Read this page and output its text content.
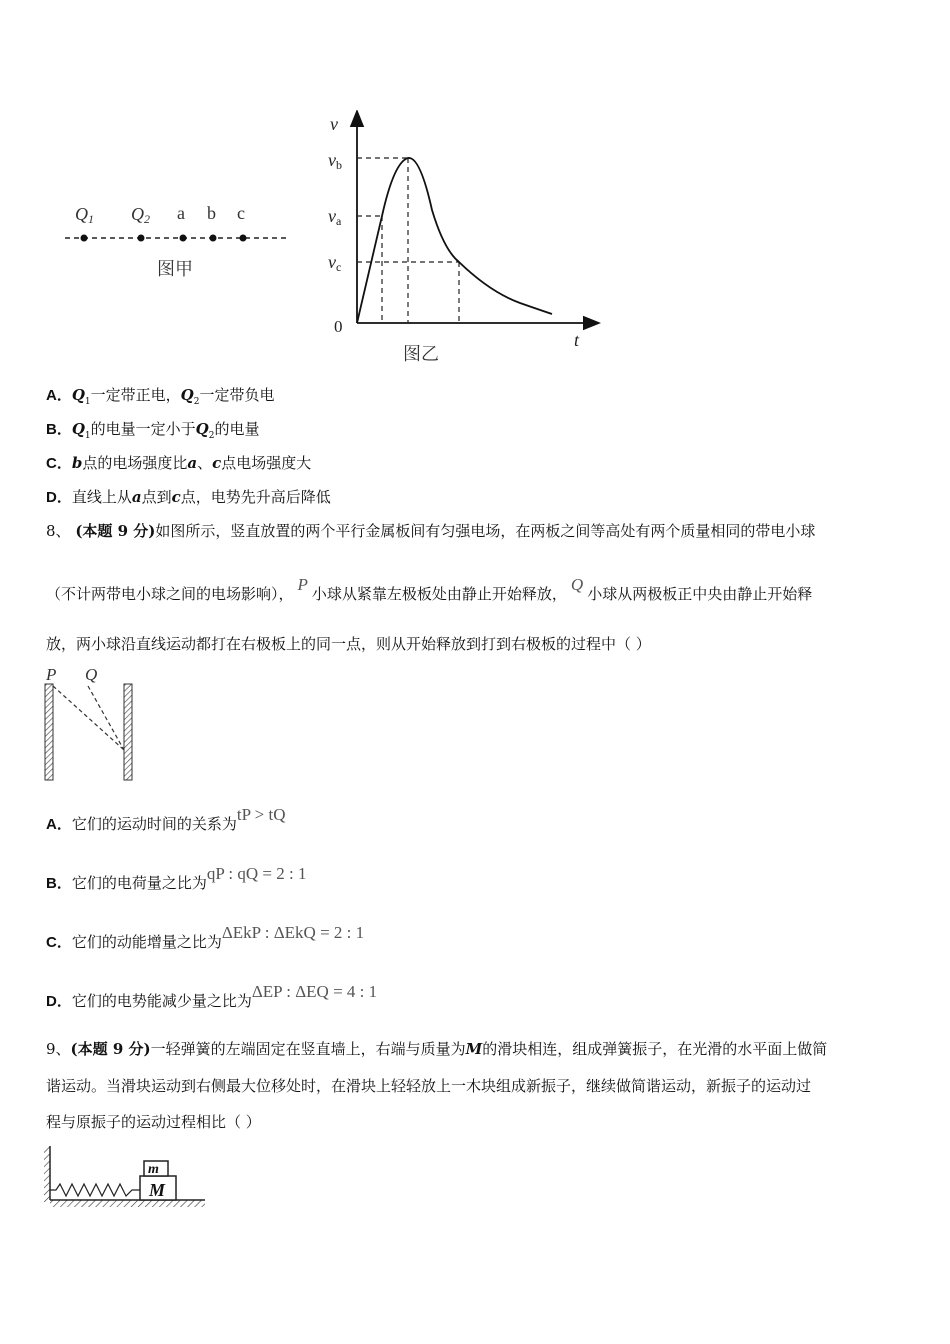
Q1 Q2 a b c
图甲
v
vb
va
vc
0
t
图乙
A．$Q_1$一定带正电，$Q_2$一定带负电
B．$Q_1$的电量一定小于$Q_2$的电量
C．b点的电场强度比a、c点电场强度大
D．直线上从a点到c点，电势先升高后降低
8、 (本题 9 分)如图所示，竖直放置的两个平行金属板间有匀强电场，在两板之间等高处有两个质量相同的带电小球
（不计两带电小球之间的电场影响）， P 小球从紧靠左极板处由静止开始释放， Q 小球从两极板正中央由静止开始释
放，两小球沿直线运动都打在右极板上的同一点，则从开始释放到打到右极板的过程中（ ）
P Q
A．它们的运动时间的关系为tP > tQ
B．它们的电荷量之比为qP : qQ = 2 : 1
C．它们的动能增量之比为ΔEkP : ΔEkQ = 2 : 1
D．它们的电势能减少量之比为ΔEP : ΔEQ = 4 : 1
9、(本题 9 分)一轻弹簧的左端固定在竖直墙上，右端与质量为M的滑块相连，组成弹簧振子，在光滑的水平面上做简
谐运动。当滑块运动到右侧最大位移处时，在滑块上轻轻放上一木块组成新振子，继续做简谐运动，新振子的运动过
程与原振子的运动过程相比（ ）
M
m
